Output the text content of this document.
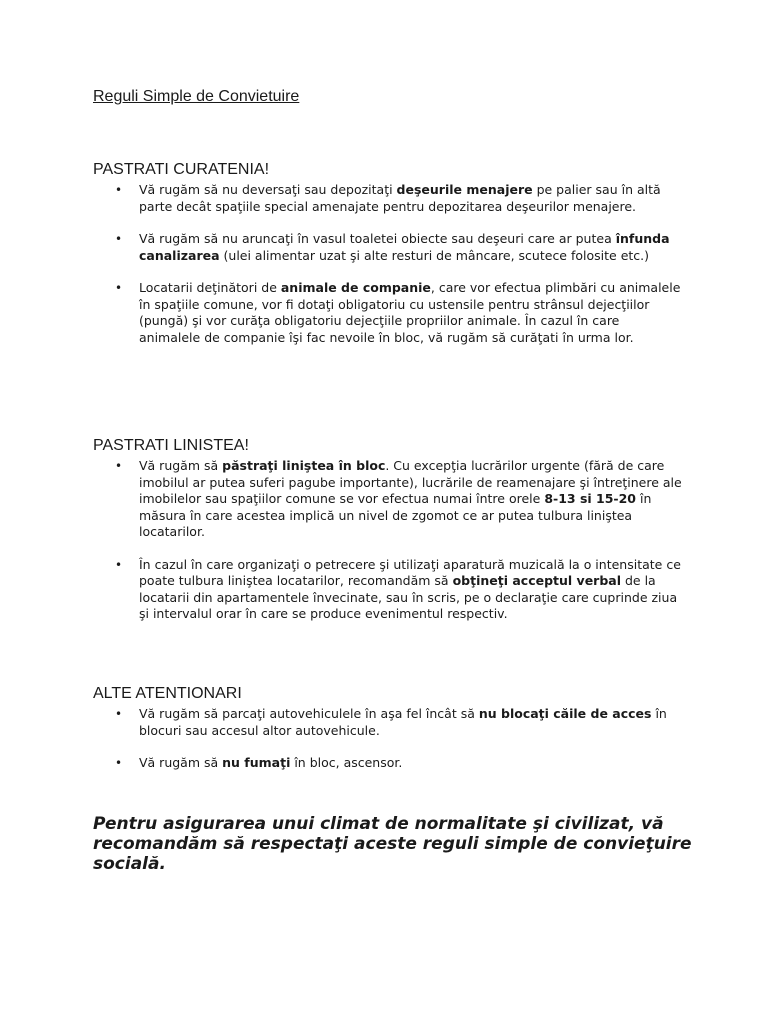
Reguli Simple de Convietuire
PASTRATI CURATENIA!
• Vă rugăm să nu deversaţi sau depozitaţi deşeurile menajere pe palier sau în altă parte decât spaţiile special amenajate pentru depozitarea deşeurilor menajere.
• Vă rugăm să nu aruncaţi în vasul toaletei obiecte sau deşeuri care ar putea înfunda canalizarea (ulei alimentar uzat şi alte resturi de mâncare, scutece folosite etc.)
• Locatarii deţinători de animale de companie, care vor efectua plimbări cu animalele în spaţiile comune, vor fi dotaţi obligatoriu cu ustensile pentru strânsul dejecţiilor (pungă) şi vor curăţa obligatoriu dejecţiile propriilor animale. În cazul în care animalele de companie îşi fac nevoile în bloc, vă rugăm să curăţati în urma lor.
PASTRATI LINISTEA!
• Vă rugăm să păstraţi liniştea în bloc. Cu excepţia lucrărilor urgente (fără de care imobilul ar putea suferi pagube importante), lucrările de reamenajare şi întreţinere ale imobilelor sau spaţiilor comune se vor efectua numai între orele 8-13 si 15-20 în măsura în care acestea implică un nivel de zgomot ce ar putea tulbura liniştea locatarilor.
• În cazul în care organizaţi o petrecere şi utilizaţi aparatură muzicală la o intensitate ce poate tulbura liniştea locatarilor, recomandăm să obţineţi acceptul verbal de la locatarii din apartamentele învecinate, sau în scris, pe o declaraţie care cuprinde ziua şi intervalul orar în care se produce evenimentul respectiv.
ALTE ATENTIONARI
• Vă rugăm să parcaţi autovehiculele în aşa fel încât să nu blocaţi căile de acces în blocuri sau accesul altor autovehicule.
• Vă rugăm să nu fumaţi în bloc, ascensor.

Pentru asigurarea unui climat de normalitate şi civilizat, vă recomandăm să respectaţi aceste reguli simple de convieţuire socială.
